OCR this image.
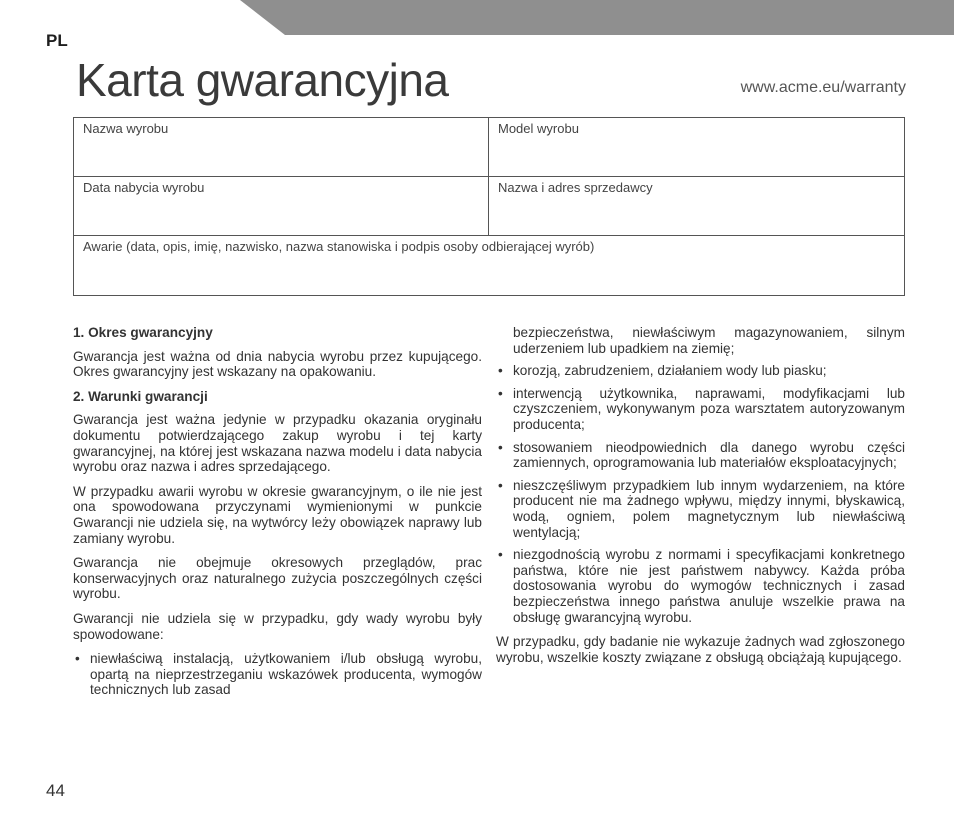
PL
Karta gwarancyjna	www.acme.eu/warranty
Nazwa wyrobu	Model wyrobu
Data nabycia wyrobu	Nazwa i adres sprzedawcy
Awarie (data, opis, imię, nazwisko, nazwa stanowiska i podpis osoby odbierającej wyrób)
1. Okres gwarancyjny

Gwarancja jest ważna od dnia nabycia wyrobu przez kupującego. Okres gwarancyjny jest wskazany na opakowaniu.

2. Warunki gwarancji

Gwarancja jest ważna jedynie w przypadku okazania oryginału dokumentu potwierdzającego zakup wyrobu i tej karty gwarancyjnej, na której jest wskazana nazwa modelu i data nabycia wyrobu oraz nazwa i adres sprzedającego.

W przypadku awarii wyrobu w okresie gwarancyjnym, o ile nie jest ona spowodowana przyczynami wymienionymi w punkcie Gwarancji nie udziela się, na wytwórcy leży obowiązek naprawy lub zamiany wyrobu.

Gwarancja nie obejmuje okresowych przeglądów, prac konserwacyjnych oraz naturalnego zużycia poszczególnych części wyrobu.

Gwarancji nie udziela się w przypadku, gdy wady wyrobu były spowodowane:

• niewłaściwą instalacją, użytkowaniem i/lub obsługą wyrobu, opartą na nieprzestrzeganiu wskazówek producenta, wymogów technicznych lub zasad
bezpieczeństwa, niewłaściwym magazynowaniem, silnym uderzeniem lub upadkiem na ziemię;
• korozją, zabrudzeniem, działaniem wody lub piasku;
• interwencją użytkownika, naprawami, modyfikacjami lub czyszczeniem, wykonywanym poza warsztatem autoryzowanym producenta;
• stosowaniem nieodpowiednich dla danego wyrobu części zamiennych, oprogramowania lub materiałów eksploatacyjnych;
• nieszczęśliwym przypadkiem lub innym wydarzeniem, na które producent nie ma żadnego wpływu, między innymi, błyskawicą, wodą, ogniem, polem magnetycznym lub niewłaściwą wentylacją;
• niezgodnością wyrobu z normami i specyfikacjami konkretnego państwa, które nie jest państwem nabywcy. Każda próba dostosowania wyrobu do wymogów technicznych i zasad bezpieczeństwa innego państwa anuluje wszelkie prawa na obsługę gwarancyjną wyrobu.

W przypadku, gdy badanie nie wykazuje żadnych wad zgłoszonego wyrobu, wszelkie koszty związane z obsługą obciążają kupującego.

44
